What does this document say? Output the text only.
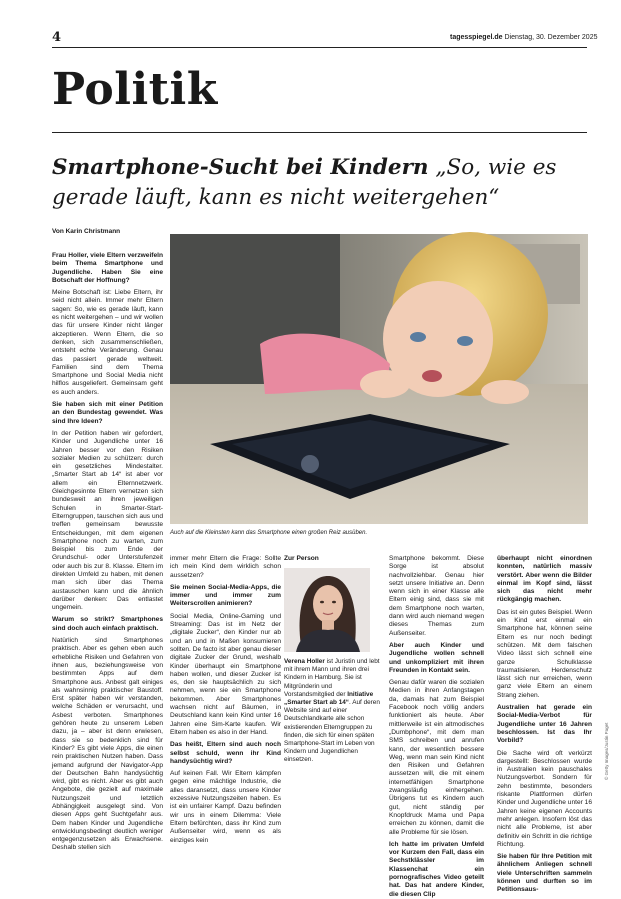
4	tagesspiegel.de Dienstag, 30. Dezember 2025
Politik
Smartphone-Sucht bei Kindern „So, wie es gerade läuft, kann es nicht weitergehen“
Von Karin Christmann

Frau Holler, viele Eltern verzweifeln beim Thema Smartphone und Jugendliche. Haben Sie eine Botschaft der Hoffnung?

Meine Botschaft ist: Liebe Eltern, ihr seid nicht allein. Immer mehr Eltern sagen: So, wie es gerade läuft, kann es nicht weitergehen – und wir wollen das für unsere Kinder nicht länger akzeptieren. Wenn Eltern, die so denken, sich zusammenschließen, entsteht echte Veränderung. Genau das passiert gerade weltweit. Familien sind dem Thema Smartphone und Social Media nicht hilflos ausgeliefert. Gemeinsam geht es auch anders.

Sie haben sich mit einer Petition an den Bundestag gewendet. Was sind Ihre Ideen?

In der Petition haben wir gefordert, Kinder und Jugendliche unter 16 Jahren besser vor den Risiken sozialer Medien zu schützen: durch ein gesetzliches Mindestalter. „Smarter Start ab 14“ ist aber vor allem ein Elternnetzwerk. Gleichgesinnte Eltern vernetzen sich bundesweit an ihren jeweiligen Schulen in Smarter-Start-Elterngruppen, tauschen sich aus und treffen gemeinsam bewusste Entscheidungen, mit dem eigenen Smartphone noch zu warten, zum Beispiel bis zum Ende der Grundschul- oder Unterstufenzeit oder auch bis zur 8. Klasse. Eltern im direkten Umfeld zu haben, mit denen man sich über das Thema austauschen kann und die ähnlich darüber denken: Das entlastet ungemein.

Warum so strikt? Smartphones sind doch auch einfach praktisch.

Natürlich sind Smartphones praktisch. Aber es gehen eben auch erhebliche Risiken und Gefahren von ihnen aus, beziehungsweise von bestimmten Apps auf dem Smartphone aus. Anbest galt einiges als wahnsinnig praktischer Baustoff. Erst später haben wir verstanden, welche Schäden er verursacht, und Asbest verboten. Smartphones gehören heute zu unserem Leben dazu, ja – aber ist denn erwiesen, dass sie so bedenklich sind für Kinder? Es gibt viele Apps, die einen rein praktischen Nutzen haben. Dass jemand aufgrund der Navigator-App der Deutschen Bahn handysüchtig wird, gibt es nicht. Aber es gibt auch Angebote, die gezielt auf maximale Nutzungszeit und letztlich Abhängigkeit ausgelegt sind. Von diesen Apps geht Suchtgefahr aus. Dem haben Kinder und Jugendliche entwicklungsbedingt deutlich weniger entgegenzusetzen als Erwachsene. Deshalb stellen sich

Auch auf die Kleinsten kann das Smartphone einen großen Reiz ausüben.
© Getty Images/Justin Paget

immer mehr Eltern die Frage: Sollte ich mein Kind dem wirklich schon aussetzen?

Sie meinen Social-Media-Apps, die immer und immer zum Weiterscrollen animieren?

Social Media, Online-Gaming und Streaming: Das ist im Netz der „digitale Zucker“, den Kinder nur ab und an und in Maßen konsumieren sollten. De facto ist aber genau dieser digitale Zucker der Grund, weshalb Kinder überhaupt ein Smartphone haben wollen, und dieser Zucker ist es, den sie hauptsächlich zu sich nehmen, wenn sie ein Smartphone bekommen. Aber Smartphones wachsen nicht auf Bäumen, in Deutschland kann kein Kind unter 16 Jahren eine Sim-Karte kaufen. Wir Eltern haben es also in der Hand.

Das heißt, Eltern sind auch noch selbst schuld, wenn ihr Kind handysüchtig wird?

Auf keinen Fall. Wir Eltern kämpfen gegen eine mächtige Industrie, die alles daransetzt, dass unsere Kinder exzessive Nutzungszeiten haben. Es ist ein unfairer Kampf. Dazu befinden wir uns in einem Dilemma: Viele Eltern befürchten, dass ihr Kind zum Außenseiter wird, wenn es als einziges kein

Zur Person
Verena Holler ist Juristin und lebt mit ihrem Mann und ihren drei Kindern in Hamburg. Sie ist Mitgründerin und Vorstandsmitglied der Initiative „Smarter Start ab 14“. Auf deren Website sind auf einer Deutschlandkarte alle schon existierenden Elterngruppen zu finden, die sich für einen späten Smartphone-Start im Leben von Kindern und Jugendlichen einsetzen.

Smartphone bekommt. Diese Sorge ist absolut nachvollziehbar. Genau hier setzt unsere Initiative an. Denn wenn sich in einer Klasse alle Eltern einig sind, dass sie mit dem Smartphone noch warten, dann wird auch niemand wegen dieses Themas zum Außenseiter.

Aber auch Kinder und Jugendliche wollen schnell und unkompliziert mit ihren Freunden in Kontakt sein.

Genau dafür waren die sozialen Medien in ihren Anfangstagen da, damals hat zum Beispiel Facebook noch völlig anders funktioniert als heute. Aber mittlerweile ist ein altmodisches „Dumbphone“, mit dem man SMS schreiben und anrufen kann, der wesentlich bessere Weg, wenn man sein Kind nicht den Risiken und Gefahren aussetzen will, die mit einem internetfähigen Smartphone zwangsläufig einhergehen. Übrigens tut es Kindern auch gut, nicht ständig per Knopfdruck Mama und Papa erreichen zu können, damit die alle Probleme für sie lösen.

Ich hatte im privaten Umfeld vor Kurzem den Fall, dass ein Sechstklässler im Klassenchat ein pornografisches Video geteilt hat. Das hat andere Kinder, die diesen Clip

überhaupt nicht einordnen konnten, natürlich massiv verstört. Aber wenn die Bilder einmal im Kopf sind, lässt sich das nicht mehr rückgängig machen.

Das ist ein gutes Beispiel. Wenn ein Kind erst einmal ein Smartphone hat, können seine Eltern es nur noch bedingt schützen. Mit dem falschen Video lässt sich schnell eine ganze Schulklasse traumatisieren. Herdenschutz lässt sich nur erreichen, wenn ganz viele Eltern an einem Strang ziehen.

Australien hat gerade ein Social-Media-Verbot für Jugendliche unter 16 Jahren beschlossen. Ist das Ihr Vorbild?

Die Sache wird oft verkürzt dargestellt: Beschlossen wurde in Australien kein pauschales Nutzungsverbot. Sondern für zehn bestimmte, besonders riskante Plattformen dürfen Kinder und Jugendliche unter 16 Jahren keine eigenen Accounts mehr anlegen. Insofern löst das nicht alle Probleme, ist aber definitiv ein Schritt in die richtige Richtung.

Sie haben für Ihre Petition mit ähnlichem Anliegen schnell viele Unterschriften sammeln können und durften so im Petitionsaus-
